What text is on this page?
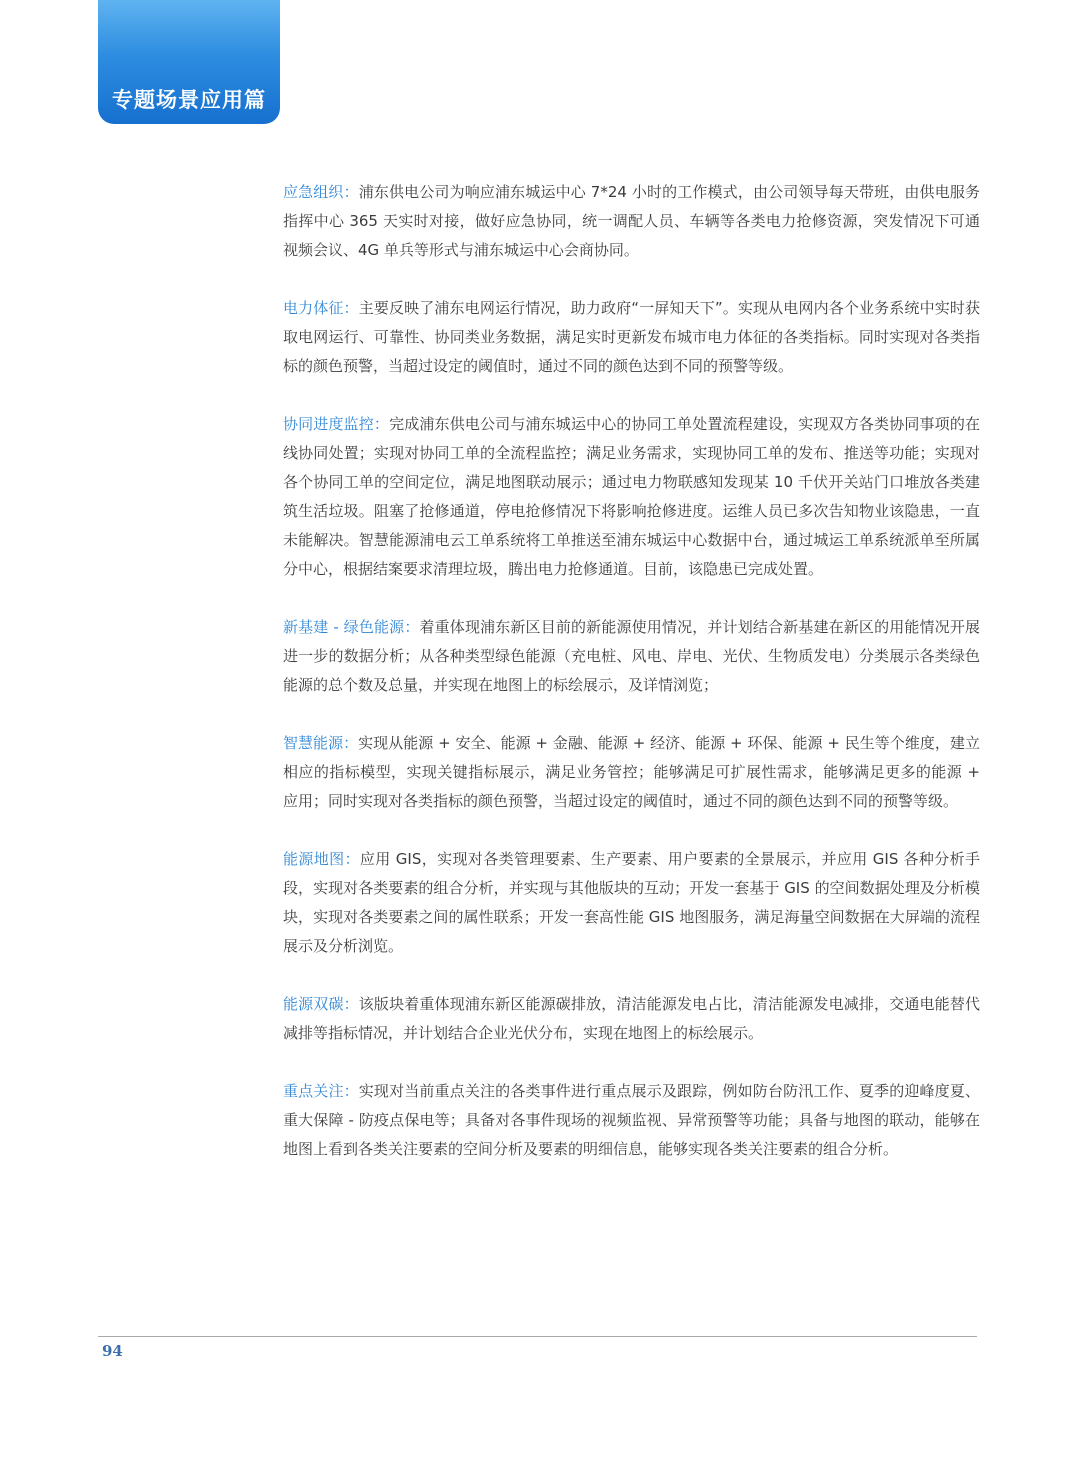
专题场景应用篇

应急组织：浦东供电公司为响应浦东城运中心 7*24 小时的工作模式，由公司领导每天带班，由供电服务指挥中心 365 天实时对接，做好应急协同，统一调配人员、车辆等各类电力抢修资源，突发情况下可通视频会议、4G 单兵等形式与浦东城运中心会商协同。

电力体征：主要反映了浦东电网运行情况，助力政府“一屏知天下”。实现从电网内各个业务系统中实时获取电网运行、可靠性、协同类业务数据，满足实时更新发布城市电力体征的各类指标。同时实现对各类指标的颜色预警，当超过设定的阈值时，通过不同的颜色达到不同的预警等级。

协同进度监控：完成浦东供电公司与浦东城运中心的协同工单处置流程建设，实现双方各类协同事项的在线协同处置；实现对协同工单的全流程监控；满足业务需求，实现协同工单的发布、推送等功能；实现对各个协同工单的空间定位，满足地图联动展示；通过电力物联感知发现某 10 千伏开关站门口堆放各类建筑生活垃圾。阻塞了抢修通道，停电抢修情况下将影响抢修进度。运维人员已多次告知物业该隐患，一直未能解决。智慧能源浦电云工单系统将工单推送至浦东城运中心数据中台，通过城运工单系统派单至所属分中心，根据结案要求清理垃圾，腾出电力抢修通道。目前，该隐患已完成处置。

新基建 - 绿色能源：着重体现浦东新区目前的新能源使用情况，并计划结合新基建在新区的用能情况开展进一步的数据分析；从各种类型绿色能源（充电桩、风电、岸电、光伏、生物质发电）分类展示各类绿色能源的总个数及总量，并实现在地图上的标绘展示，及详情浏览；

智慧能源：实现从能源 + 安全、能源 + 金融、能源 + 经济、能源 + 环保、能源 + 民生等个维度，建立相应的指标模型，实现关键指标展示，满足业务管控；能够满足可扩展性需求，能够满足更多的能源 + 应用；同时实现对各类指标的颜色预警，当超过设定的阈值时，通过不同的颜色达到不同的预警等级。

能源地图：应用 GIS，实现对各类管理要素、生产要素、用户要素的全景展示，并应用 GIS 各种分析手段，实现对各类要素的组合分析，并实现与其他版块的互动；开发一套基于 GIS 的空间数据处理及分析模块，实现对各类要素之间的属性联系；开发一套高性能 GIS 地图服务，满足海量空间数据在大屏端的流程展示及分析浏览。

能源双碳：该版块着重体现浦东新区能源碳排放，清洁能源发电占比，清洁能源发电减排，交通电能替代减排等指标情况，并计划结合企业光伏分布，实现在地图上的标绘展示。

重点关注：实现对当前重点关注的各类事件进行重点展示及跟踪，例如防台防汛工作、夏季的迎峰度夏、重大保障 - 防疫点保电等；具备对各事件现场的视频监视、异常预警等功能；具备与地图的联动，能够在地图上看到各类关注要素的空间分析及要素的明细信息，能够实现各类关注要素的组合分析。

94
